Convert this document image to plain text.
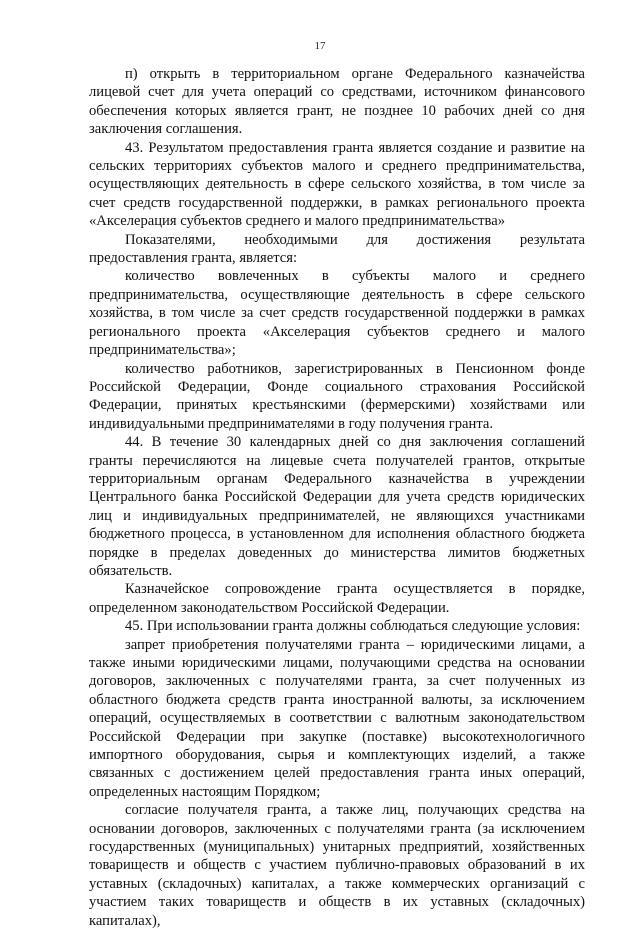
17

п) открыть в территориальном органе Федерального казначейства лицевой счет для учета операций со средствами, источником финансового обеспечения которых является грант, не позднее 10 рабочих дней со дня заключения соглашения.

43. Результатом предоставления гранта является создание и развитие на сельских территориях субъектов малого и среднего предпринимательства, осуществляющих деятельность в сфере сельского хозяйства, в том числе за счет средств государственной поддержки, в рамках регионального проекта «Акселерация субъектов среднего и малого предпринимательства»

Показателями, необходимыми для достижения результата предоставления гранта, является:

количество вовлеченных в субъекты малого и среднего предпринимательства, осуществляющие деятельность в сфере сельского хозяйства, в том числе за счет средств государственной поддержки в рамках регионального проекта «Акселерация субъектов среднего и малого предпринимательства»;

количество работников, зарегистрированных в Пенсионном фонде Российской Федерации, Фонде социального страхования Российской Федерации, принятых крестьянскими (фермерскими) хозяйствами или индивидуальными предпринимателями в году получения гранта.

44. В течение 30 календарных дней со дня заключения соглашений гранты перечисляются на лицевые счета получателей грантов, открытые территориальным органам Федерального казначейства в учреждении Центрального банка Российской Федерации для учета средств юридических лиц и индивидуальных предпринимателей, не являющихся участниками бюджетного процесса, в установленном для исполнения областного бюджета порядке в пределах доведенных до министерства лимитов бюджетных обязательств.

Казначейское сопровождение гранта осуществляется в порядке, определенном законодательством Российской Федерации.

45. При использовании гранта должны соблюдаться следующие условия:

запрет приобретения получателями гранта – юридическими лицами, а также иными юридическими лицами, получающими средства на основании договоров, заключенных с получателями гранта, за счет полученных из областного бюджета средств гранта иностранной валюты, за исключением операций, осуществляемых в соответствии с валютным законодательством Российской Федерации при закупке (поставке) высокотехнологичного импортного оборудования, сырья и комплектующих изделий, а также связанных с достижением целей предоставления гранта иных операций, определенных настоящим Порядком;

согласие получателя гранта, а также лиц, получающих средства на основании договоров, заключенных с получателями гранта (за исключением государственных (муниципальных) унитарных предприятий, хозяйственных товариществ и обществ с участием публично-правовых образований в их уставных (складочных) капиталах, а также коммерческих организаций с участием таких товариществ и обществ в их уставных (складочных) капиталах),
